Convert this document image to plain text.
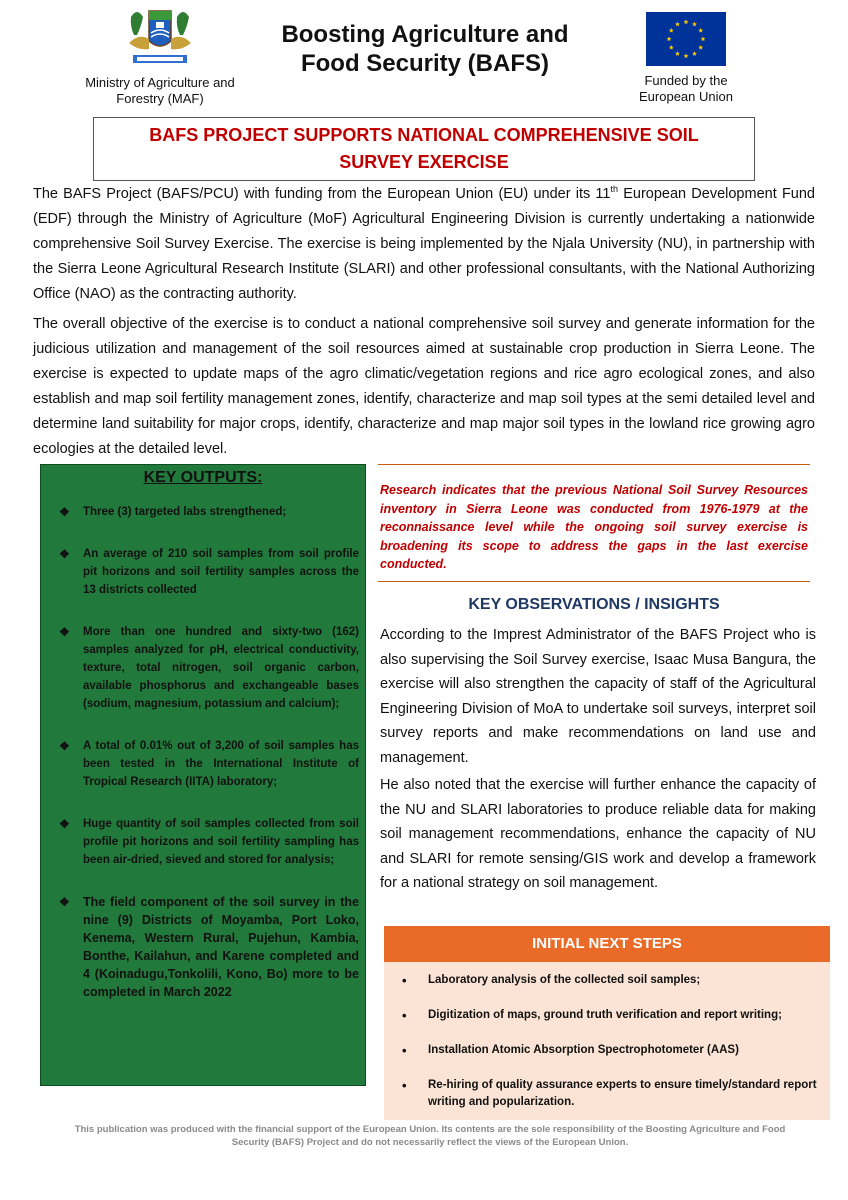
Ministry of Agriculture and Forestry (MAF)
Boosting Agriculture and
Food Security (BAFS)
Funded by the
European Union
BAFS PROJECT SUPPORTS NATIONAL COMPREHENSIVE SOIL
SURVEY EXERCISE
The BAFS Project (BAFS/PCU) with funding from the European Union (EU) under its 11th European Development Fund (EDF) through the Ministry of Agriculture (MoF) Agricultural Engineering Division is currently undertaking a nationwide comprehensive Soil Survey Exercise. The exercise is being implemented by the Njala University (NU), in partnership with the Sierra Leone Agricultural Research Institute (SLARI) and other professional consultants, with the National Authorizing Office (NAO) as the contracting authority.
The overall objective of the exercise is to conduct a national comprehensive soil survey and generate information for the judicious utilization and management of the soil resources aimed at sustainable crop production in Sierra Leone. The exercise is expected to update maps of the agro climatic/vegetation regions and rice agro ecological zones, and also establish and map soil fertility management zones, identify, characterize and map soil types at the semi detailed level and determine land suitability for major crops, identify, characterize and map major soil types in the lowland rice growing agro ecologies at the detailed level.
KEY OUTPUTS:
❖ Three (3) targeted labs strengthened;
❖ An average of 210 soil samples from soil profile pit horizons and soil fertility samples across the 13 districts collected
❖ More than one hundred and sixty-two (162) samples analyzed for pH, electrical conductivity, texture, total nitrogen, soil organic carbon, available phosphorus and exchangeable bases (sodium, magnesium, potassium and calcium);
❖ A total of 0.01% out of 3,200 of soil samples has been tested in the International Institute of Tropical Research (IITA) laboratory;
❖ Huge quantity of soil samples collected from soil profile pit horizons and soil fertility sampling has been air-dried, sieved and stored for analysis;
❖ The field component of the soil survey in the nine (9) Districts of Moyamba, Port Loko, Kenema, Western Rural, Pujehun, Kambia, Bonthe, Kailahun, and Karene completed and 4 (Koinadugu,Tonkolili, Kono, Bo) more to be completed in March 2022
Research indicates that the previous National Soil Survey Resources inventory in Sierra Leone was conducted from 1976-1979 at the reconnaissance level while the ongoing soil survey exercise is broadening its scope to address the gaps in the last exercise conducted.
KEY OBSERVATIONS / INSIGHTS
According to the Imprest Administrator of the BAFS Project who is also supervising the Soil Survey exercise, Isaac Musa Bangura, the exercise will also strengthen the capacity of staff of the Agricultural Engineering Division of MoA to undertake soil surveys, interpret soil survey reports and make recommendations on land use and management.
He also noted that the exercise will further enhance the capacity of the NU and SLARI laboratories to produce reliable data for making soil management recommendations, enhance the capacity of NU and SLARI for remote sensing/GIS work and develop a framework for a national strategy on soil management.
INITIAL NEXT STEPS
• Laboratory analysis of the collected soil samples;
• Digitization of maps, ground truth verification and report writing;
• Installation Atomic Absorption Spectrophotometer (AAS)
• Re-hiring of quality assurance experts to ensure timely/standard report writing and popularization.
This publication was produced with the financial support of the European Union. Its contents are the sole responsibility of the Boosting Agriculture and Food Security (BAFS) Project and do not necessarily reflect the views of the European Union.
